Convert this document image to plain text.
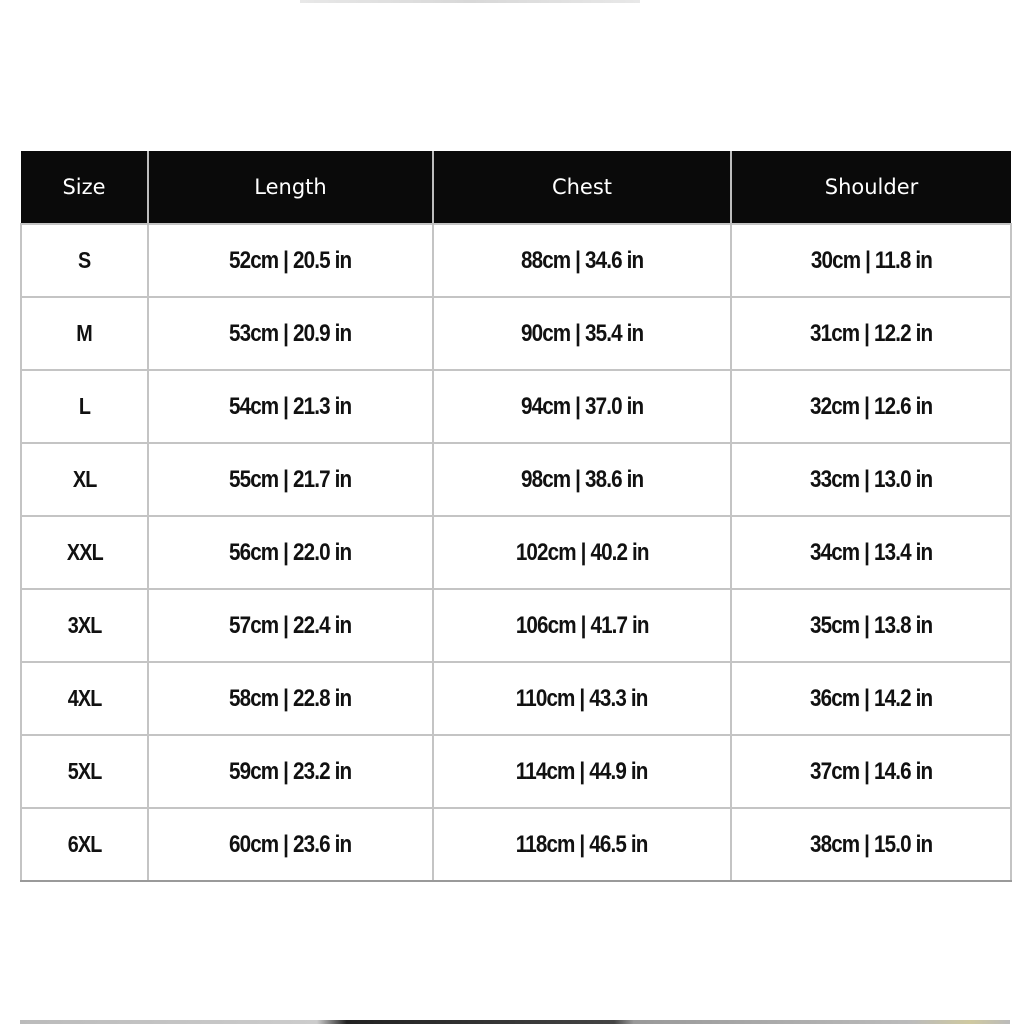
Size	Length	Chest	Shoulder
S	52cm | 20.5 in	88cm | 34.6 in	30cm | 11.8 in
M	53cm | 20.9 in	90cm | 35.4 in	31cm | 12.2 in
L	54cm | 21.3 in	94cm | 37.0 in	32cm | 12.6 in
XL	55cm | 21.7 in	98cm | 38.6 in	33cm | 13.0 in
XXL	56cm | 22.0 in	102cm | 40.2 in	34cm | 13.4 in
3XL	57cm | 22.4 in	106cm | 41.7 in	35cm | 13.8 in
4XL	58cm | 22.8 in	110cm | 43.3 in	36cm | 14.2 in
5XL	59cm | 23.2 in	114cm | 44.9 in	37cm | 14.6 in
6XL	60cm | 23.6 in	118cm | 46.5 in	38cm | 15.0 in
